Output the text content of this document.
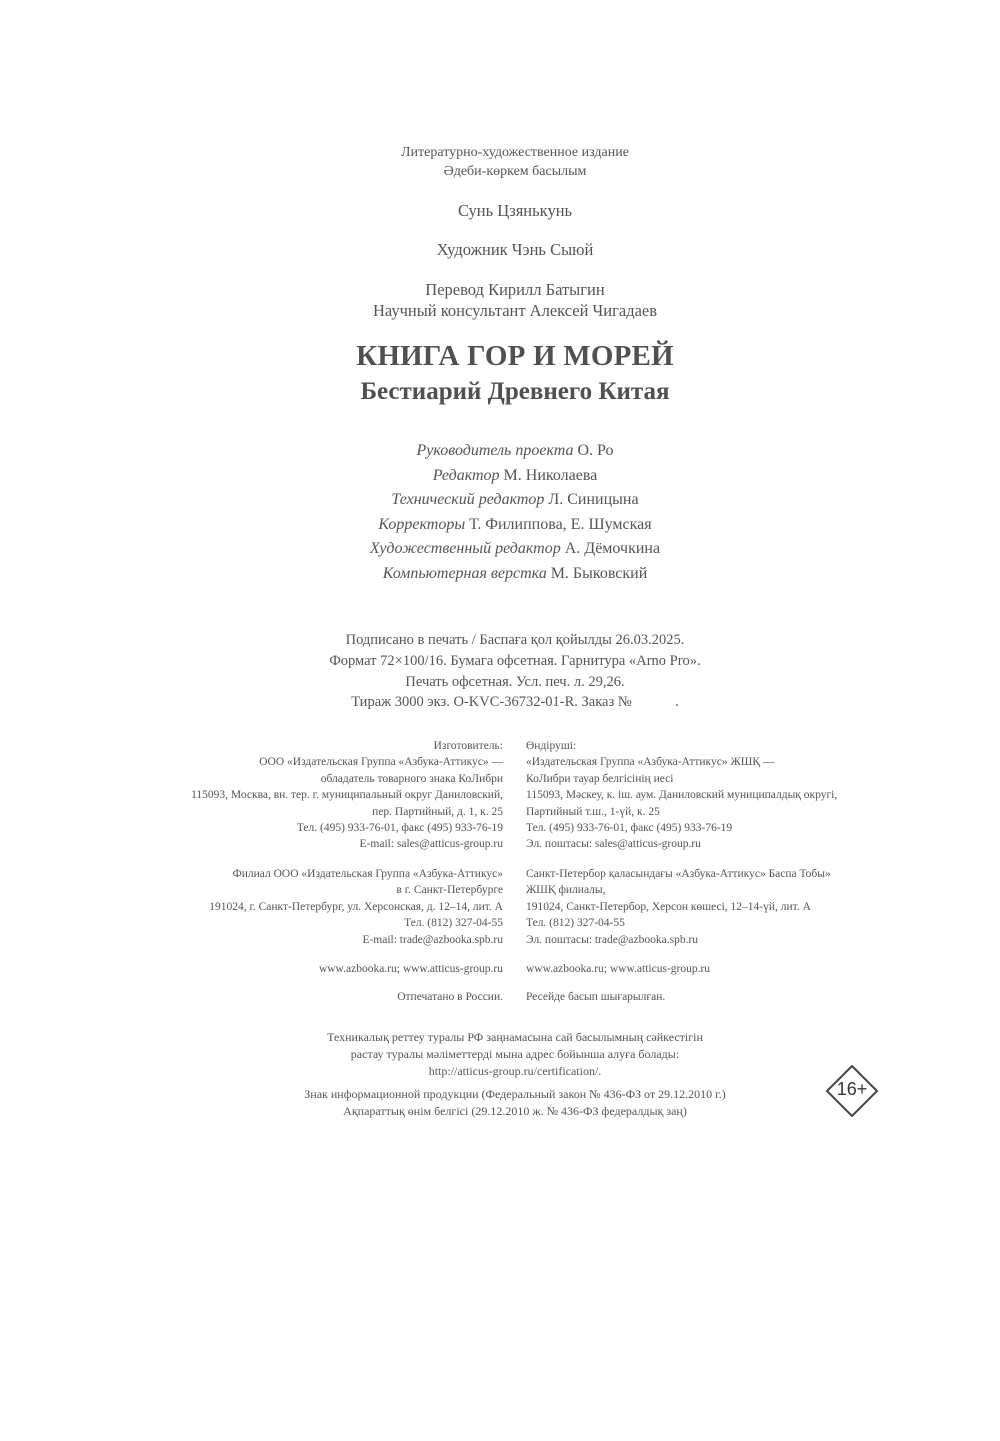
Литературно-художественное издание
Әдеби-көркем басылым
Сунь Цзянькунь
Художник Чэнь Сыюй
Перевод Кирилл Батыгин
Научный консультант Алексей Чигадаев
КНИГА ГОР И МОРЕЙ
Бестиарий Древнего Китая
Руководитель проекта О. Ро
Редактор М. Николаева
Технический редактор Л. Синицына
Корректоры Т. Филиппова, Е. Шумская
Художественный редактор А. Дёмочкина
Компьютерная верстка М. Быковский
Подписано в печать / Баспаға қол қойылды 26.03.2025.
Формат 72×100/16. Бумага офсетная. Гарнитура «Arno Pro».
Печать офсетная. Усл. печ. л. 29,26.
Тираж 3000 экз. O-KVC-36732-01-R. Заказ №            .
Изготовитель:
ООО «Издательская Группа «Азбука-Аттикус» —
обладатель товарного знака КоЛибри
115093, Москва, вн. тер. г. муниципальный округ Даниловский,
пер. Партийный, д. 1, к. 25
Тел. (495) 933-76-01, факс (495) 933-76-19
E-mail: sales@atticus-group.ru
Өндіруші:
«Издательская Группа «Азбука-Аттикус» ЖШҚ —
КоЛибри тауар белгісінің иесі
115093, Мәскеу, к. іш. аум. Даниловский муниципалдық округі,
Партийный т.ш., 1-үй, к. 25
Тел. (495) 933-76-01, факс (495) 933-76-19
Эл. поштасы: sales@atticus-group.ru
Филиал ООО «Издательская Группа «Азбука-Аттикус»
в г. Санкт-Петербурге
191024, г. Санкт-Петербург, ул. Херсонская, д. 12–14, лит. А
Тел. (812) 327-04-55
E-mail: trade@azbooka.spb.ru
Санкт-Петербор қаласындағы «Азбука-Аттикус» Баспа Тобы»
ЖШҚ филиалы,
191024, Санкт-Петербор, Херсон көшесі, 12–14-үй, лит. А
Тел. (812) 327-04-55
Эл. поштасы: trade@azbooka.spb.ru
www.azbooka.ru; www.atticus-group.ru www.azbooka.ru; www.atticus-group.ru
Отпечатано в России. Ресейде басып шығарылған.
Техникалық реттеу туралы РФ заңнамасына сай басылымның сәйкестігін
растау туралы мәліметтерді мына адрес бойынша алуға болады:
http://atticus-group.ru/certification/.
Знак информационной продукции (Федеральный закон № 436-ФЗ от 29.12.2010 г.)
Ақпараттық өнім белгісі (29.12.2010 ж. № 436-ФЗ федералдық заң)
16+
